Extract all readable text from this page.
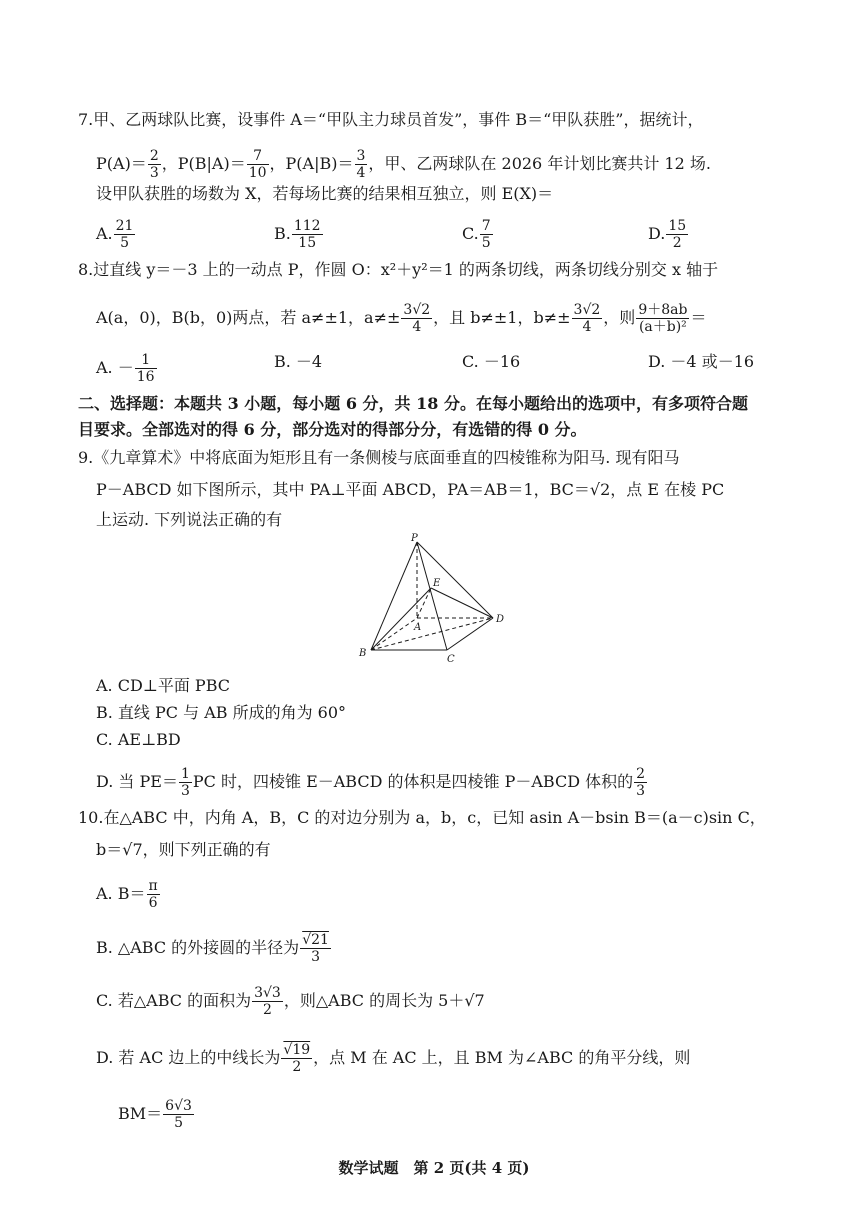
7.甲、乙两球队比赛，设事件 A＝“甲队主力球员首发”，事件 B＝“甲队获胜”，据统计，
$P(A)= \frac{2}{3}$ ，$P(B|A)= \frac{7}{10}$ ，$P(A|B)= \frac{3}{4}$ ，甲、乙两球队在 2026 年计划比赛共计 12 场.
设甲队获胜的场数为 X，若每场比赛的结果相互独立，则 E(X)＝
A. $\frac{21}{5}$	B. $\frac{112}{15}$	C. $\frac{7}{5}$	D. $\frac{15}{2}$
8.过直线 y＝－3 上的一动点 P，作圆 O：x²＋y²＝1 的两条切线，两条切线分别交 x 轴于
A(a，0)，B(b，0)两点，若 a≠±1，$a\ne\pm \frac{3√2}{4}$ ，且 b≠±1，$b\ne\pm \frac{3√2}{4}$ ，则 $\frac{9+8ab}{\text{(a＋b)²}}$ ＝
A. － $\frac{1}{16}$	B. －4	C. －16	D. －4 或－16
二、选择题：本题共 3 小题，每小题 6 分，共 18 分。在每小题给出的选项中，有多项符合题
目要求。全部选对的得 6 分，部分选对的得部分分，有选错的得 0 分。
9.《九章算术》中将底面为矩形且有一条侧棱与底面垂直的四棱锥称为阳马. 现有阳马
P－ABCD 如下图所示，其中 PA⊥平面 ABCD，PA＝AB＝1，BC＝√2，点 E 在棱 PC
上运动. 下列说法正确的有
P
E
A
B
C
D
A. CD⊥平面 PBC
B. 直线 PC 与 AB 所成的角为 60°
C. AE⊥BD
D. 当 $PE= \frac{1}{3}$ PC 时，四棱锥 E－ABCD 的体积是四棱锥 P－ABCD 体积的 $\frac{2}{3}$
10.在△ABC 中，内角 A，B，C 的对边分别为 a，b，c，已知 asin A－bsin B＝(a－c)sin C，
b＝√7，则下列正确的有
A. $B= \frac{\pi}{6}$
B. △ABC 的外接圆的半径为 $\frac{√21}{3}$
C. 若△ABC 的面积为 $\frac{3√3}{2}$ ，则△ABC 的周长为 5＋√7
D. 若 AC 边上的中线长为 $\frac{√19}{2}$ ，点 M 在 AC 上，且 BM 为∠ABC 的角平分线，则
$BM= \frac{6√3}{5}$
数学试题　第 2 页(共 4 页)
